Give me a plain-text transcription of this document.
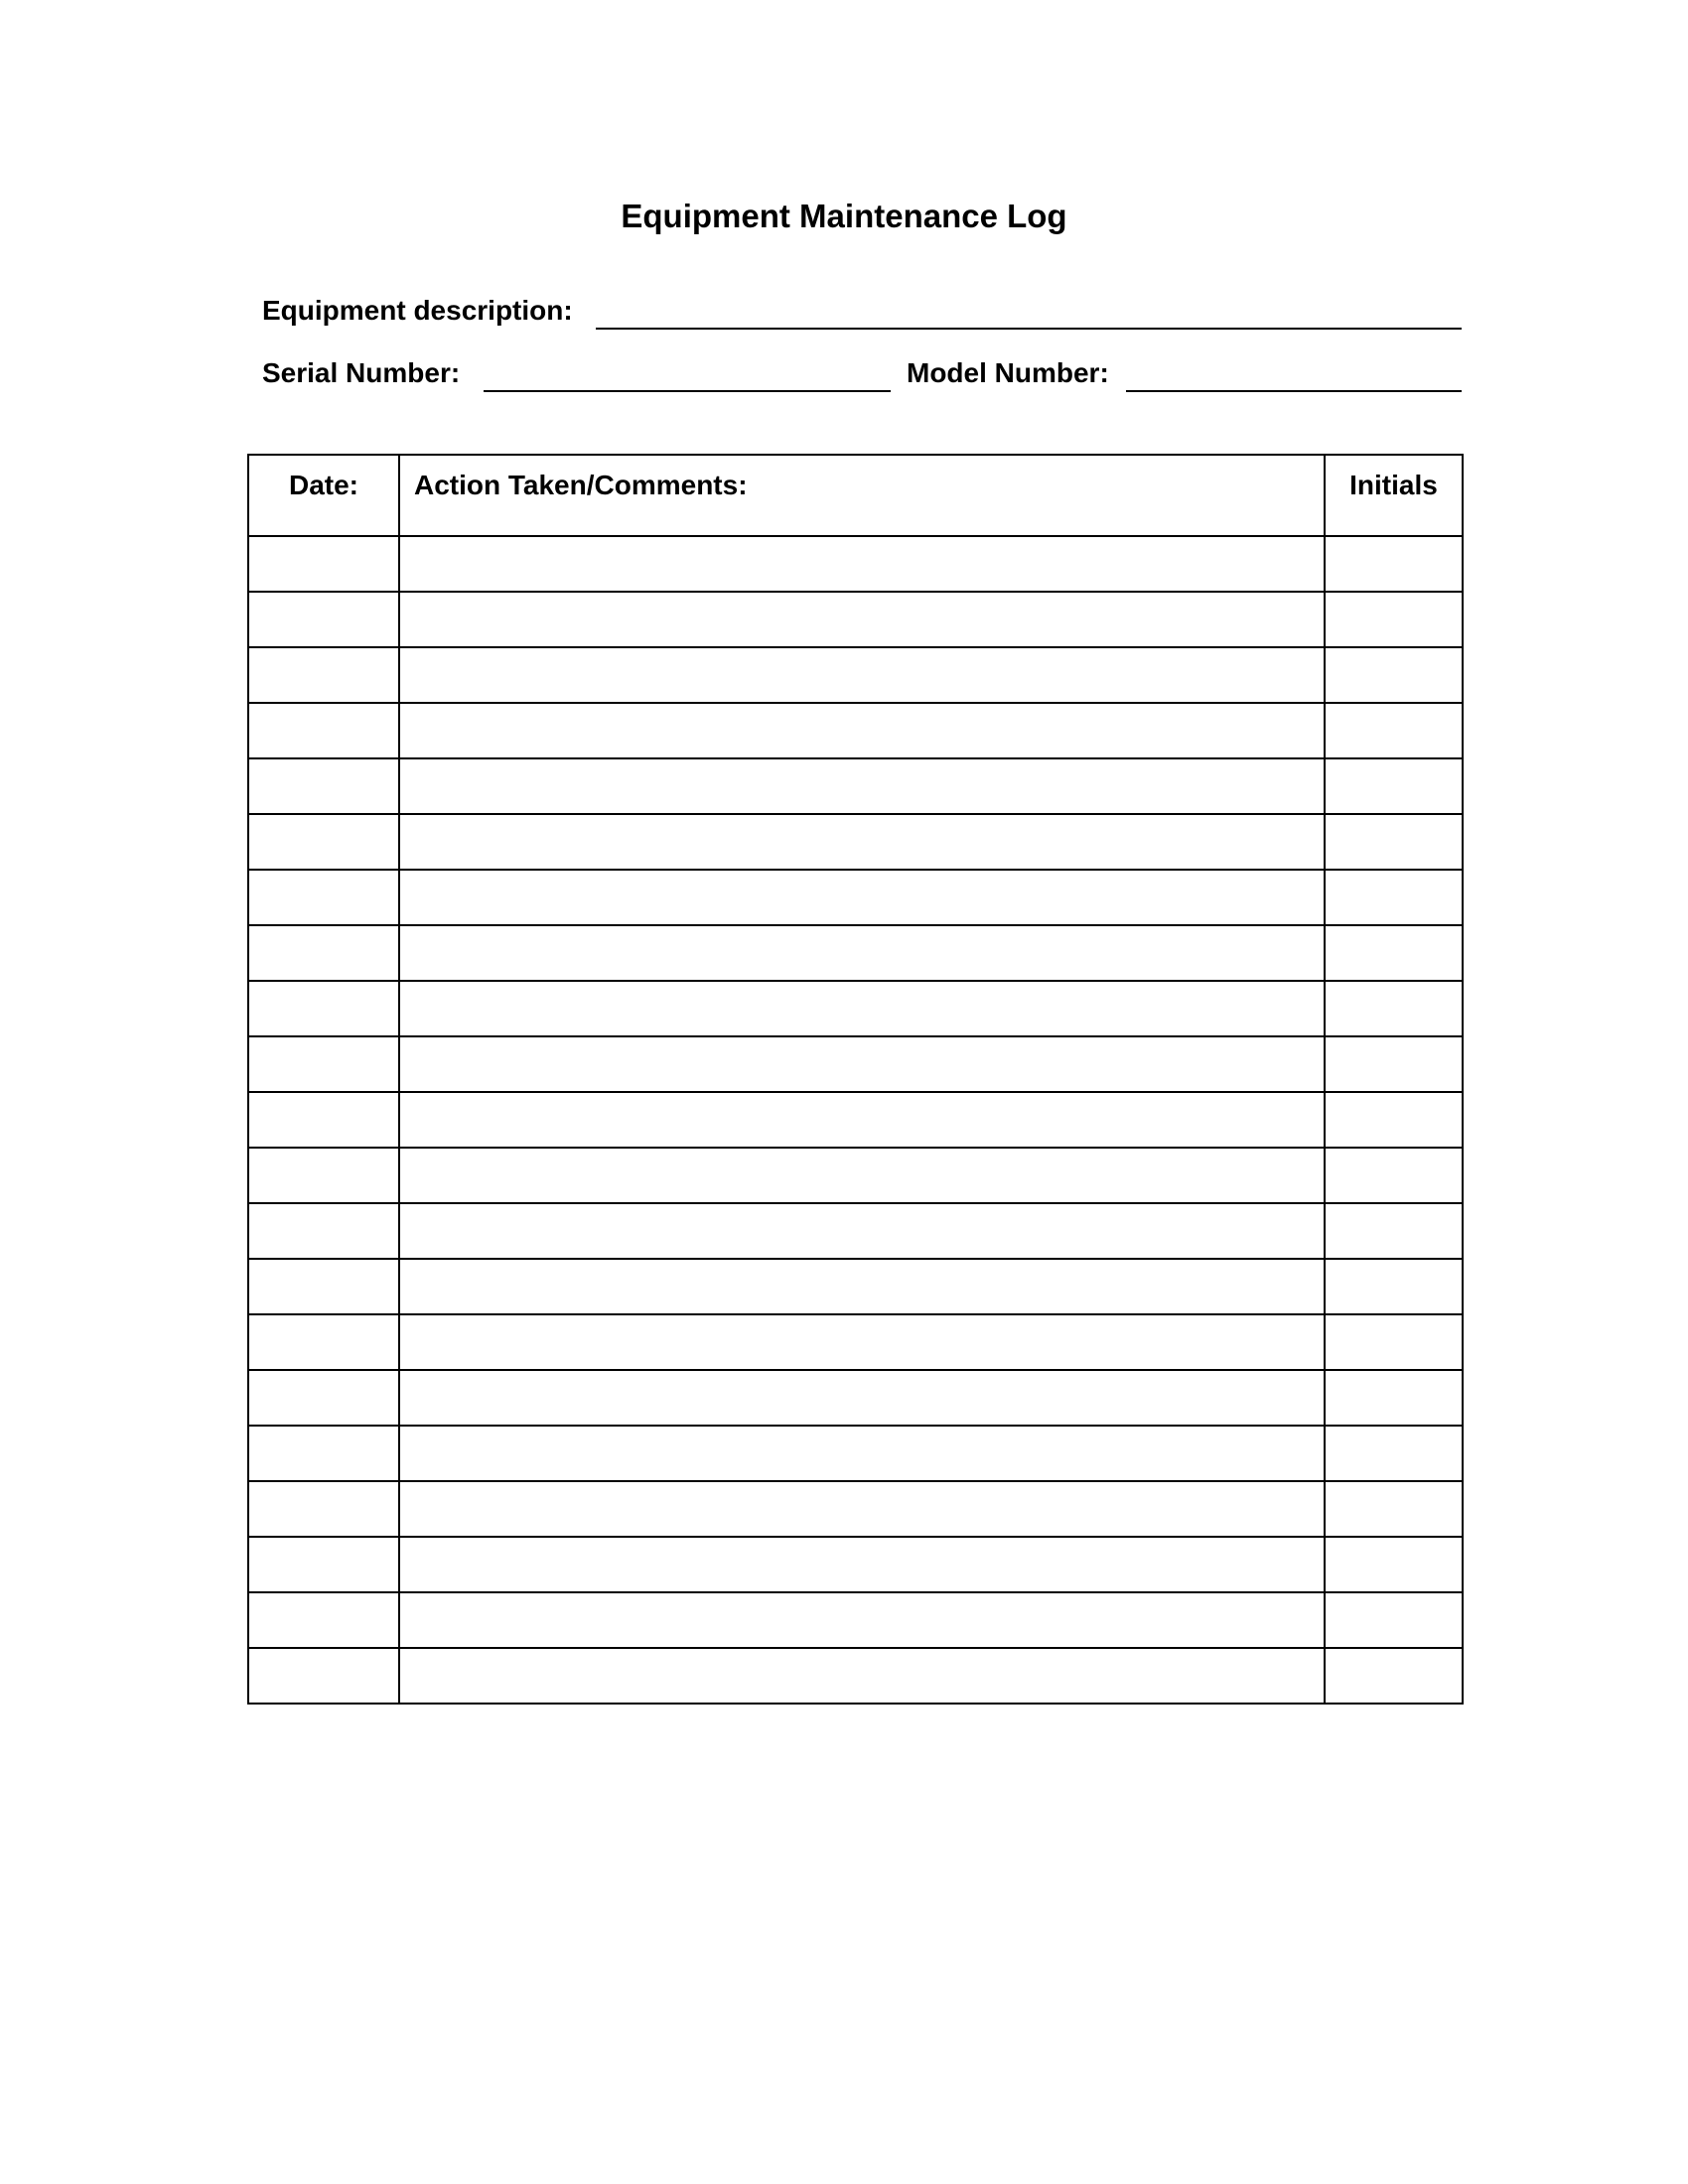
Equipment Maintenance Log
Equipment description:
Serial Number:	Model Number:
Date:	Action Taken/Comments:	Initials
